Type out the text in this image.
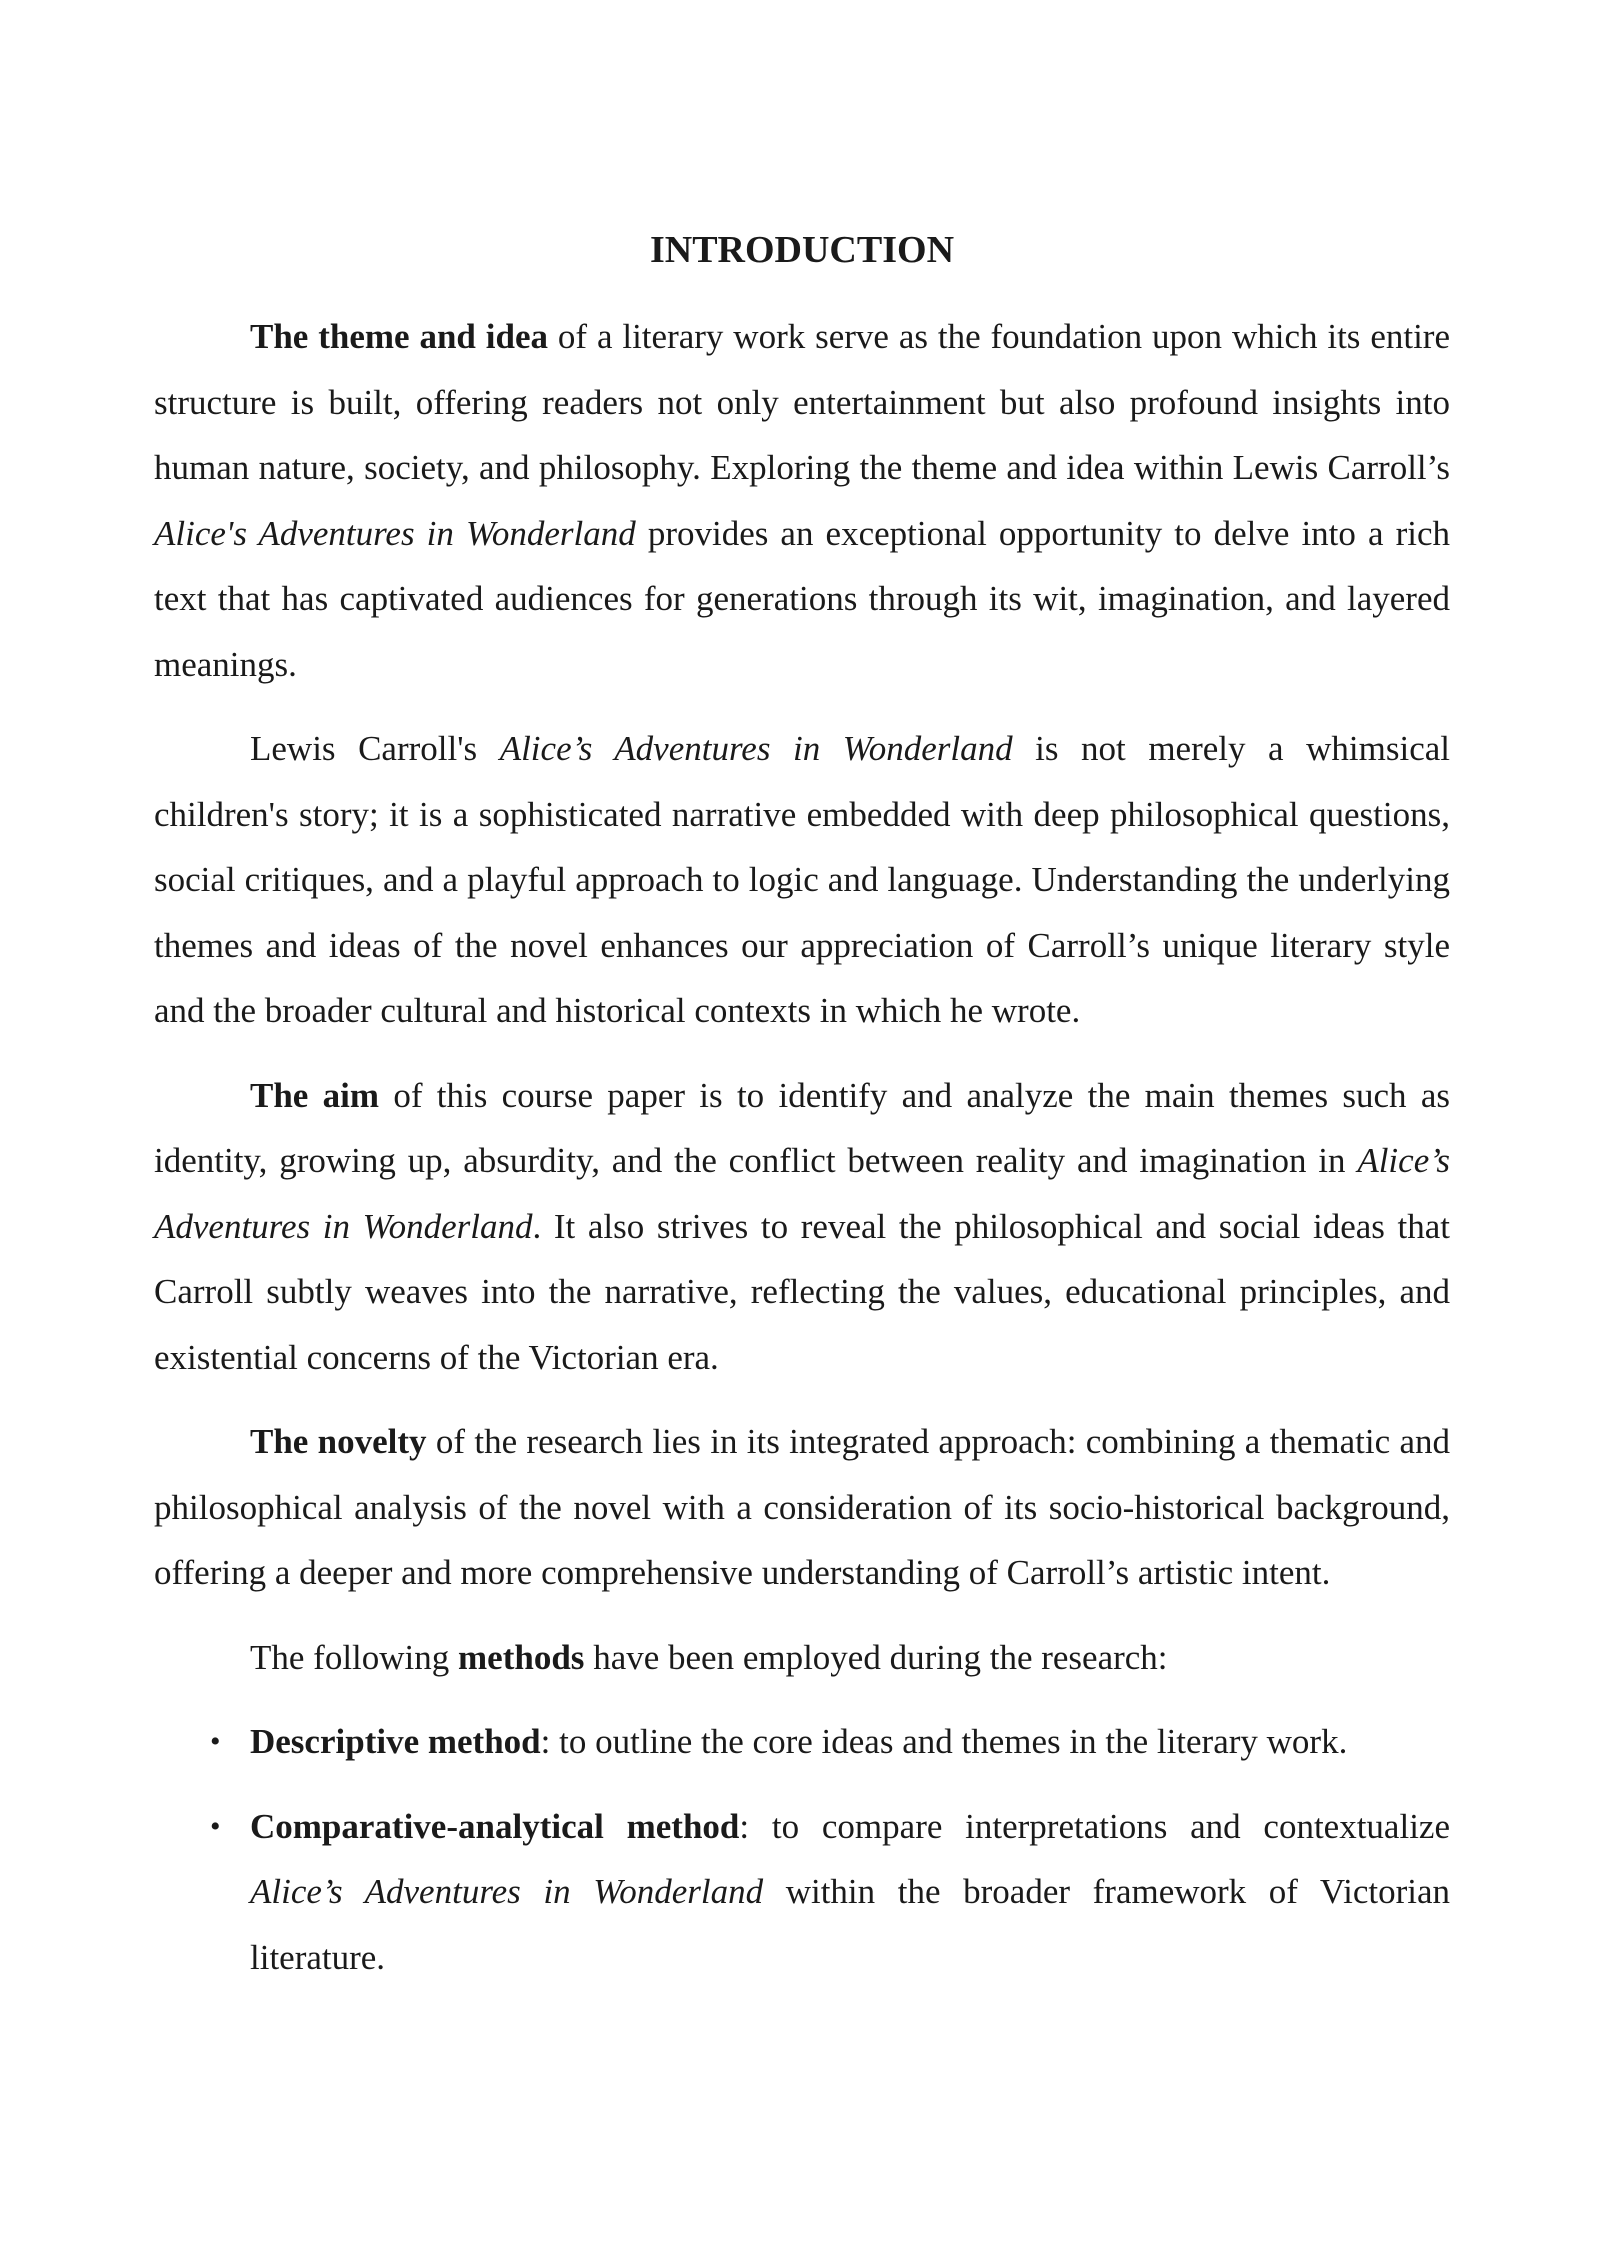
INTRODUCTION

The theme and idea of a literary work serve as the foundation upon which its entire structure is built, offering readers not only entertainment but also profound insights into human nature, society, and philosophy. Exploring the theme and idea within Lewis Carroll’s Alice's Adventures in Wonderland provides an exceptional opportunity to delve into a rich text that has captivated audiences for generations through its wit, imagination, and layered meanings.

Lewis Carroll's Alice’s Adventures in Wonderland is not merely a whimsical children's story; it is a sophisticated narrative embedded with deep philosophical questions, social critiques, and a playful approach to logic and language. Understanding the underlying themes and ideas of the novel enhances our appreciation of Carroll’s unique literary style and the broader cultural and historical contexts in which he wrote.

The aim of this course paper is to identify and analyze the main themes such as identity, growing up, absurdity, and the conflict between reality and imagination in Alice’s Adventures in Wonderland. It also strives to reveal the philosophical and social ideas that Carroll subtly weaves into the narrative, reflecting the values, educational principles, and existential concerns of the Victorian era.

The novelty of the research lies in its integrated approach: combining a thematic and philosophical analysis of the novel with a consideration of its socio-historical background, offering a deeper and more comprehensive understanding of Carroll’s artistic intent.

The following methods have been employed during the research:

• Descriptive method: to outline the core ideas and themes in the literary work.
• Comparative-analytical method: to compare interpretations and contextualize Alice’s Adventures in Wonderland within the broader framework of Victorian literature.
